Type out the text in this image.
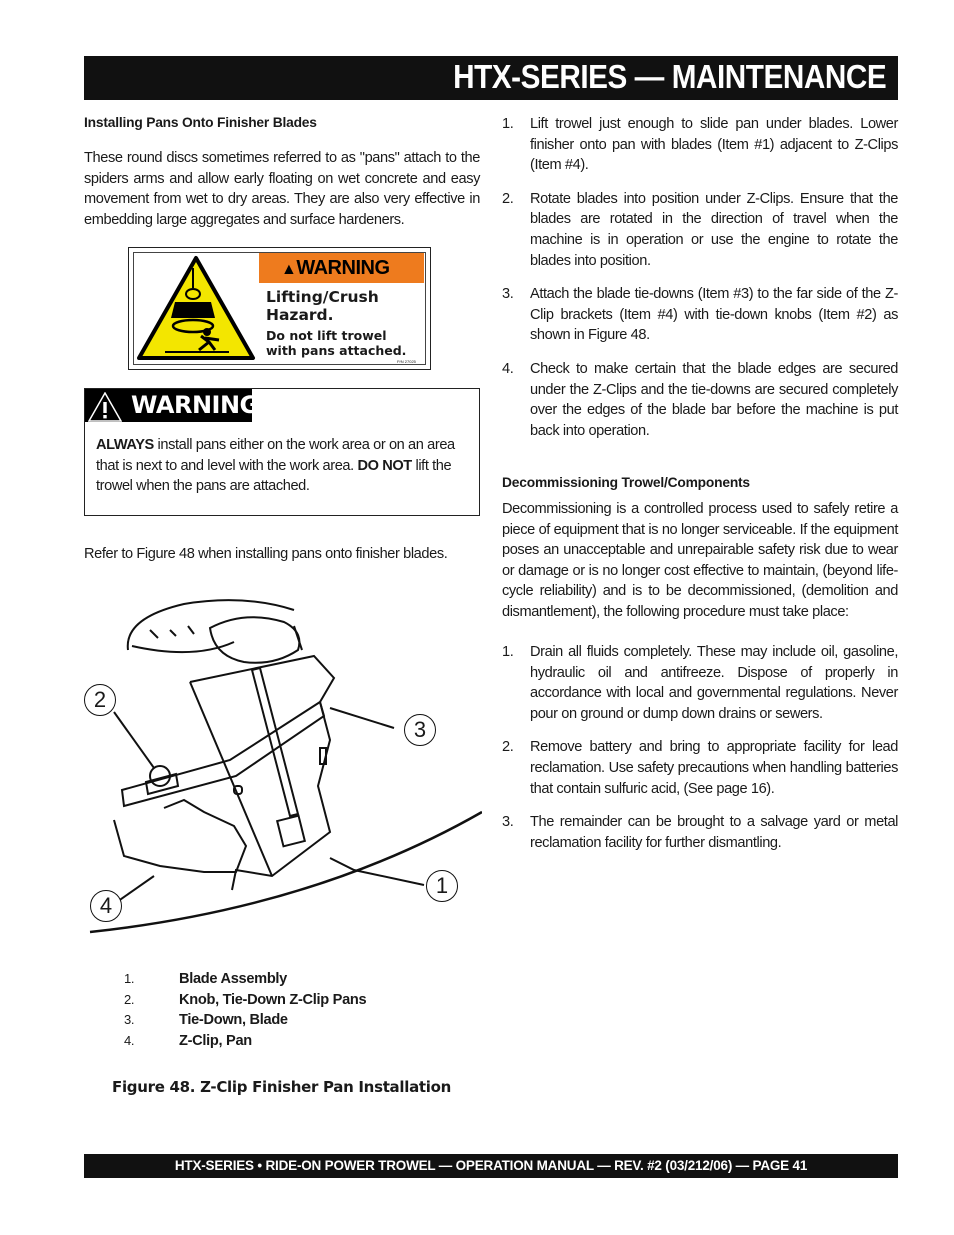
HTX-SERIES — MAINTENANCE
Installing Pans Onto Finisher Blades
These round discs sometimes referred to as "pans" attach to the spiders arms and allow early floating on wet concrete and easy movement from wet to dry areas. They are also very effective in embedding large aggregates and surface hardeners.
▲WARNING
Lifting/Crush
Hazard.
Do not lift trowel
with pans attached.
P/N 27025
WARNING
ALWAYS install pans either on the work area or on an area that is next to and level with the work area. DO NOT lift the trowel when the pans are attached.
Refer to Figure 48 when installing pans onto finisher blades.
2
3
1
4
1.	Blade Assembly
2.	Knob, Tie-Down Z-Clip Pans
3.	Tie-Down, Blade
4.	Z-Clip, Pan
Figure 48. Z-Clip Finisher Pan Installation
1. Lift trowel just enough to slide pan under blades. Lower finisher onto pan with blades (Item #1) adjacent to Z-Clips (Item #4).
2. Rotate blades into position under Z-Clips. Ensure that the blades are rotated in the direction of travel when the machine is in operation or use the engine to rotate the blades into position.
3. Attach the blade tie-downs (Item #3) to the far side of the Z-Clip brackets (Item #4) with tie-down knobs (Item #2) as shown in Figure 48.
4. Check to make certain that the blade edges are secured under the Z-Clips and the tie-downs are secured completely over the edges of the blade bar before the machine is put back into operation.
Decommissioning Trowel/Components
Decommissioning is a controlled process used to safely retire a piece of equipment that is no longer serviceable. If the equipment poses an unacceptable and unrepairable safety risk due to wear or damage or is no longer cost effective to maintain, (beyond life-cycle reliability) and is to be decommissioned, (demolition and dismantlement), the following procedure must take place:
1. Drain all fluids completely. These may include oil, gasoline, hydraulic oil and antifreeze. Dispose of properly in accordance with local and governmental regulations. Never pour on ground or dump down drains or sewers.
2. Remove battery and bring to appropriate facility for lead reclamation. Use safety precautions when handling batteries that contain sulfuric acid, (See page 16).
3. The remainder can be brought to a salvage yard or metal reclamation facility for further dismantling.
HTX-SERIES • RIDE-ON POWER TROWEL — OPERATION MANUAL — REV. #2 (03/212/06) — PAGE 41
